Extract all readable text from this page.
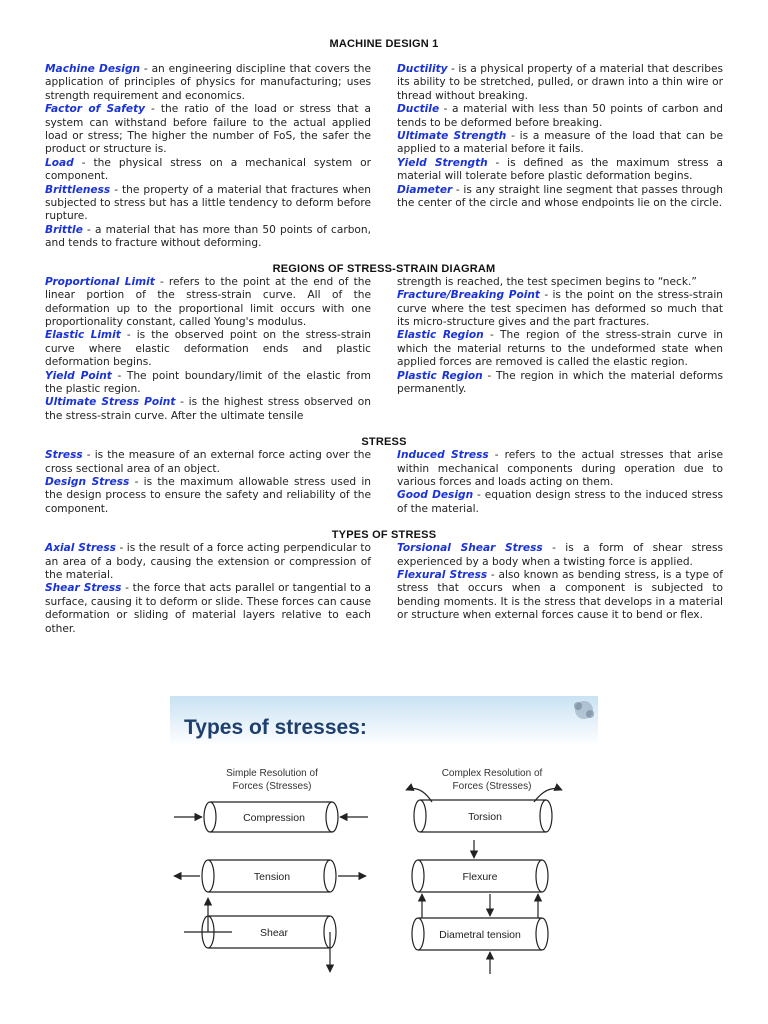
MACHINE DESIGN 1

Machine Design - an engineering discipline that covers the application of principles of physics for manufacturing; uses strength requirement and economics.

Factor of Safety - the ratio of the load or stress that a system can withstand before failure to the actual applied load or stress; The higher the number of FoS, the safer the product or structure is.

Load - the physical stress on a mechanical system or component.

Brittleness - the property of a material that fractures when subjected to stress but has a little tendency to deform before rupture.

Brittle - a material that has more than 50 points of carbon, and tends to fracture without deforming.

Ductility - is a physical property of a material that describes its ability to be stretched, pulled, or drawn into a thin wire or thread without breaking.

Ductile - a material with less than 50 points of carbon and tends to be deformed before breaking.

Ultimate Strength - is a measure of the load that can be applied to a material before it fails.

Yield Strength - is defined as the maximum stress a material will tolerate before plastic deformation begins.

Diameter - is any straight line segment that passes through the center of the circle and whose endpoints lie on the circle.

REGIONS OF STRESS-STRAIN DIAGRAM

Proportional Limit - refers to the point at the end of the linear portion of the stress-strain curve. All of the deformation up to the proportional limit occurs with one proportionality constant, called Young's modulus.

Elastic Limit - is the observed point on the stress-strain curve where elastic deformation ends and plastic deformation begins.

Yield Point - The point boundary/limit of the elastic from the plastic region.

Ultimate Stress Point - is the highest stress observed on the stress-strain curve. After the ultimate tensile

strength is reached, the test specimen begins to “neck.”

Fracture/Breaking Point - is the point on the stress-strain curve where the test specimen has deformed so much that its micro-structure gives and the part fractures.

Elastic Region - The region of the stress-strain curve in which the material returns to the undeformed state when applied forces are removed is called the elastic region.

Plastic Region - The region in which the material deforms permanently.

STRESS

Stress - is the measure of an external force acting over the cross sectional area of an object.

Design Stress - is the maximum allowable stress used in the design process to ensure the safety and reliability of the component.

Induced Stress - refers to the actual stresses that arise within mechanical components during operation due to various forces and loads acting on them.

Good Design - equation design stress to the induced stress of the material.

TYPES OF STRESS

Axial Stress - is the result of a force acting perpendicular to an area of a body, causing the extension or compression of the material.

Shear Stress - the force that acts parallel or tangential to a surface, causing it to deform or slide. These forces can cause deformation or sliding of material layers relative to each other.

Torsional Shear Stress - is a form of shear stress experienced by a body when a twisting force is applied.

Flexural Stress - also known as bending stress, is a type of stress that occurs when a component is subjected to bending moments. It is the stress that develops in a material or structure when external forces cause it to bend or flex.

Types of stresses:
Simple Resolution of
Forces (Stresses)
Complex Resolution of
Forces (Stresses)
Compression
Tension
Shear
Torsion
Flexure
Diametral tension
